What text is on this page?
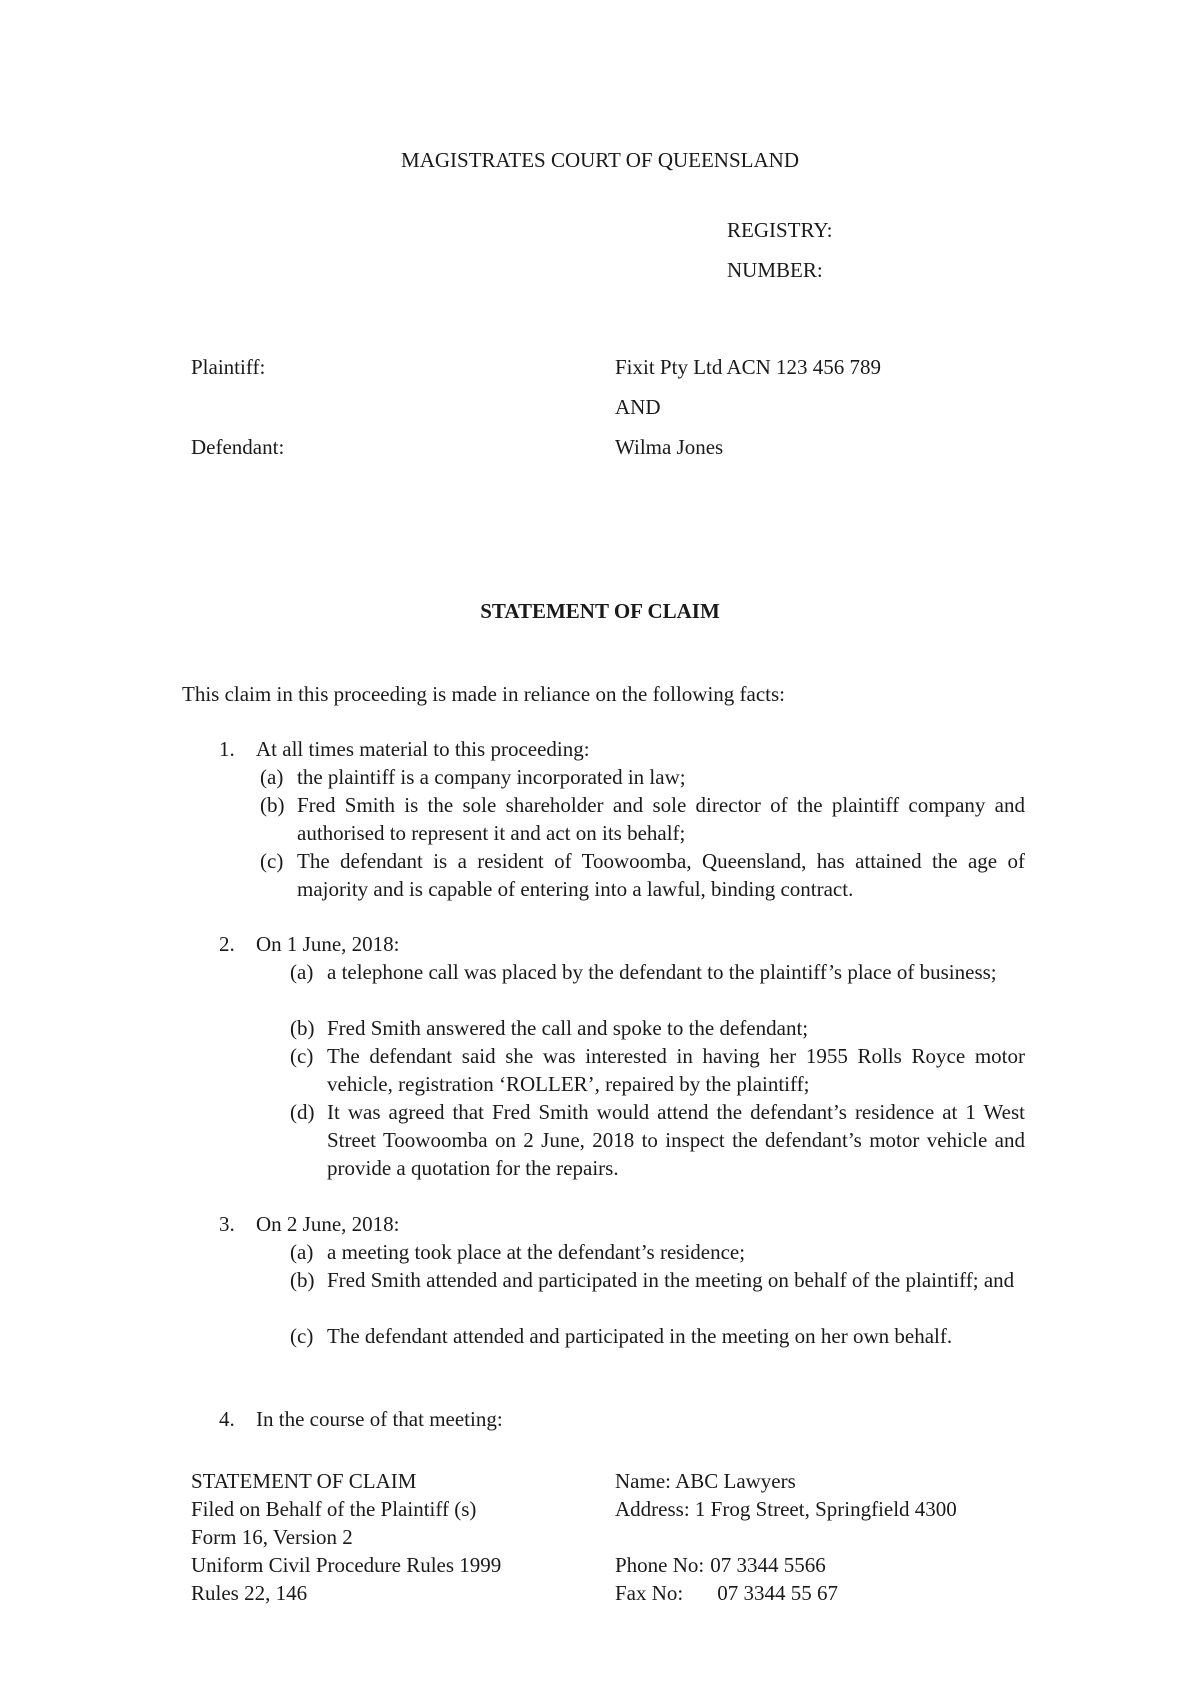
MAGISTRATES COURT OF QUEENSLAND
REGISTRY:
NUMBER:
Plaintiff:	Fixit Pty Ltd ACN 123 456 789
AND
Defendant:	Wilma Jones
STATEMENT OF CLAIM
This claim in this proceeding is made in reliance on the following facts:
1. At all times material to this proceeding:
(a) the plaintiff is a company incorporated in law;
(b) Fred Smith is the sole shareholder and sole director of the plaintiff company and authorised to represent it and act on its behalf;
(c) The defendant is a resident of Toowoomba, Queensland, has attained the age of majority and is capable of entering into a lawful, binding contract.
2. On 1 June, 2018:
(a) a telephone call was placed by the defendant to the plaintiff’s place of business;
(b) Fred Smith answered the call and spoke to the defendant;
(c) The defendant said she was interested in having her 1955 Rolls Royce motor vehicle, registration ‘ROLLER’, repaired by the plaintiff;
(d) It was agreed that Fred Smith would attend the defendant’s residence at 1 West Street Toowoomba on 2 June, 2018 to inspect the defendant’s motor vehicle and provide a quotation for the repairs.
3. On 2 June, 2018:
(a) a meeting took place at the defendant’s residence;
(b) Fred Smith attended and participated in the meeting on behalf of the plaintiff; and
(c) The defendant attended and participated in the meeting on her own behalf.
4. In the course of that meeting:
STATEMENT OF CLAIM
Filed on Behalf of the Plaintiff (s)
Form 16, Version 2
Uniform Civil Procedure Rules 1999
Rules 22, 146
Name: ABC Lawyers
Address: 1 Frog Street, Springfield 4300

Phone No: 07 3344 5566
Fax No: 07 3344 55 67
